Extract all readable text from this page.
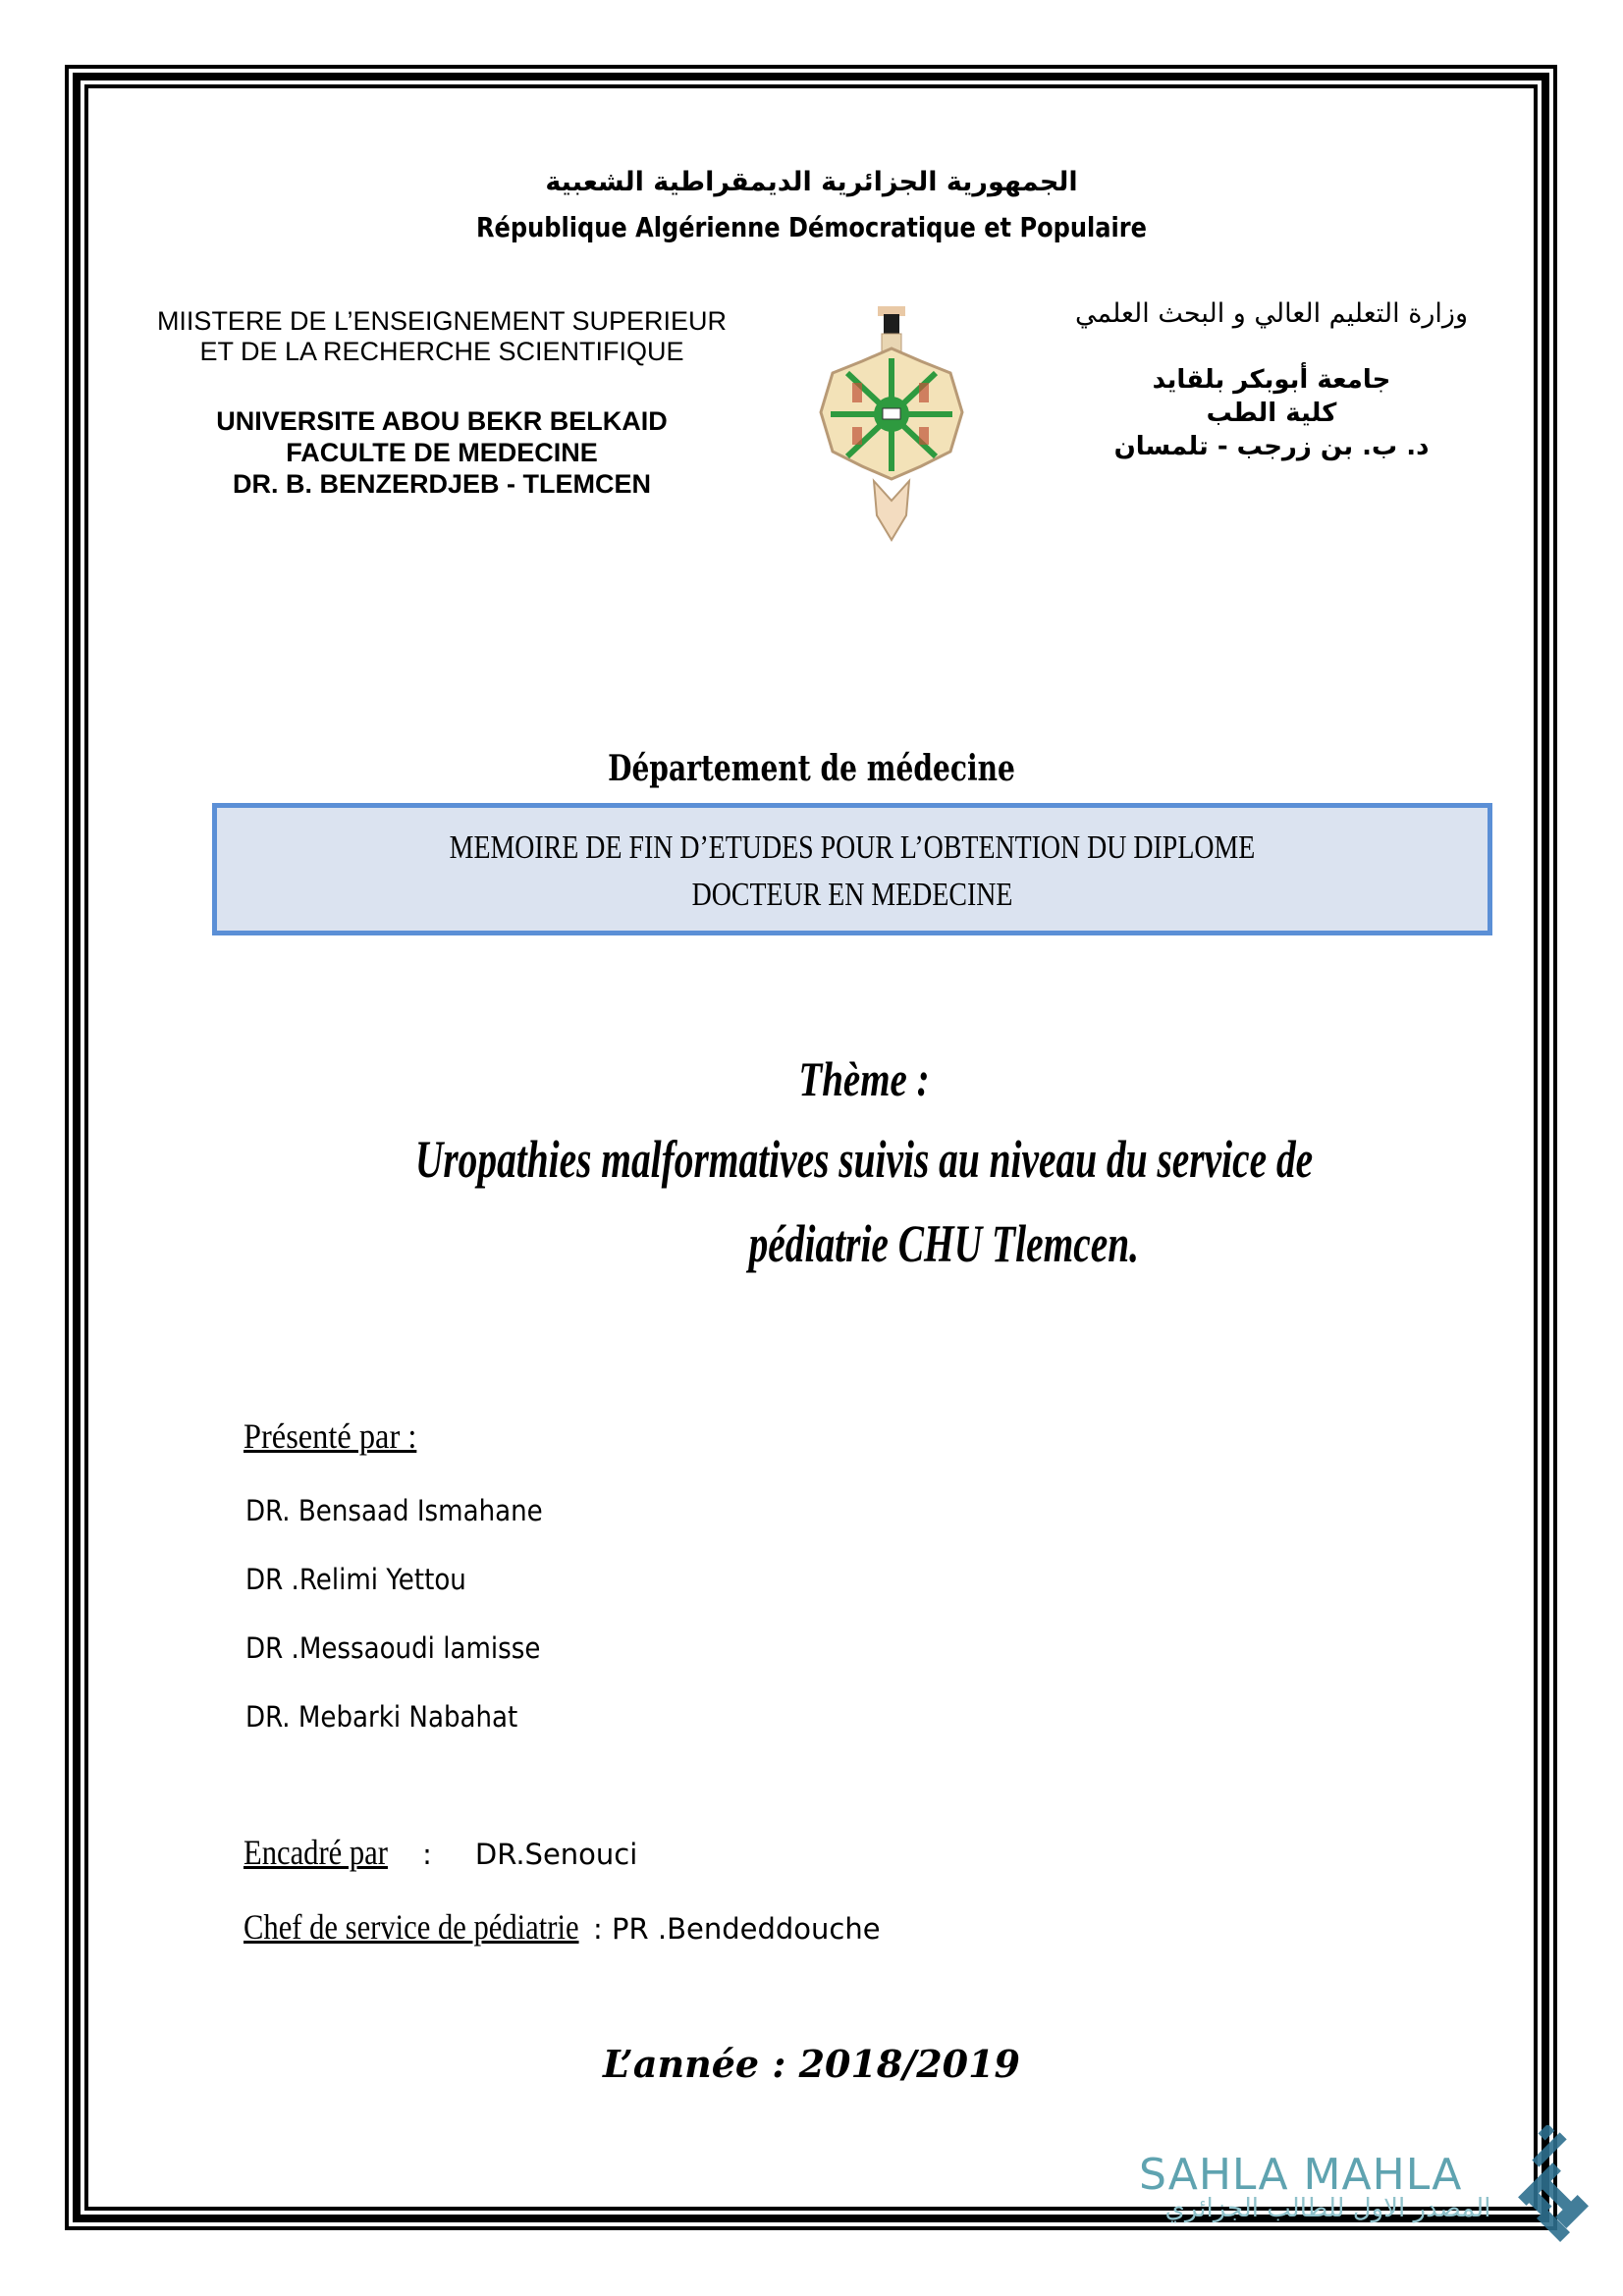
الجمهورية الجزائرية الديمقراطية الشعبية
République Algérienne Démocratique et Populaire
MIISTERE DE L’ENSEIGNEMENT SUPERIEUR
ET DE LA RECHERCHE SCIENTIFIQUE
UNIVERSITE ABOU BEKR BELKAID
FACULTE DE MEDECINE
DR. B. BENZERDJEB - TLEMCEN
وزارة التعليم العالي و البحث العلمي
جامعة أبوبكر بلقايد
كلية الطب
د. ب. بن زرجب - تلمسان
Département de médecine
MEMOIRE DE FIN D’ETUDES POUR L’OBTENTION DU DIPLOME
DOCTEUR EN MEDECINE
Thème :
Uropathies malformatives suivis au niveau du service de
pédiatrie CHU Tlemcen.
Présenté par :
DR. Bensaad Ismahane
DR .Relimi Yettou
DR .Messaoudi lamisse
DR. Mebarki Nabahat
Encadré par : DR.Senouci
Chef de service de pédiatrie : PR .Bendeddouche
L’année : 2018/2019
SAHLA MAHLA
المصدر الاول للطالب الجزائري
